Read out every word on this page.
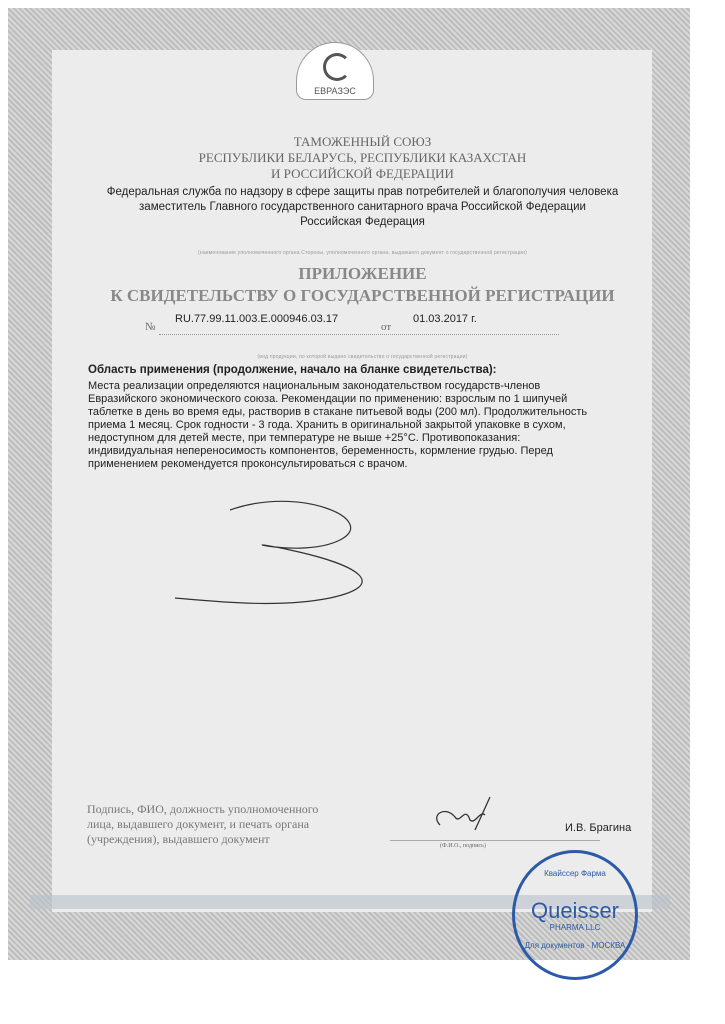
ЕВРАЗЭС
ТАМОЖЕННЫЙ СОЮЗ
РЕСПУБЛИКИ БЕЛАРУСЬ, РЕСПУБЛИКИ КАЗАХСТАН
И РОССИЙСКОЙ ФЕДЕРАЦИИ
Федеральная служба по надзору в сфере защиты прав потребителей и благополучия человека
заместитель Главного государственного санитарного врача Российской Федерации
Российская Федерация
(наименование уполномоченного органа Стороны, уполномоченного органа, выдавшего документ о государственной регистрации)
ПРИЛОЖЕНИЕ
К СВИДЕТЕЛЬСТВУ О ГОСУДАРСТВЕННОЙ РЕГИСТРАЦИИ
№
RU.77.99.11.003.E.000946.03.17
от
01.03.2017 г.
(вид продукции, по которой выдано свидетельство о государственной регистрации)
Область применения (продолжение, начало на бланке свидетельства):
Места реализации определяются национальным законодательством государств-членов
Евразийского экономического союза. Рекомендации по применению: взрослым по 1 шипучей
таблетке в день во время еды, растворив в стакане питьевой воды (200 мл). Продолжительность
приема 1 месяц. Срок годности - 3 года. Хранить в оригинальной закрытой упаковке в сухом,
недоступном для детей месте, при температуре не выше +25°С. Противопоказания:
индивидуальная непереносимость компонентов, беременность, кормление грудью. Перед
применением рекомендуется проконсультироваться с врачом.
Подпись, ФИО, должность уполномоченного
лица, выдавшего документ, и печать органа
(учреждения), выдавшего документ
И.В. Брагина
(Ф.И.О., подпись)
Квайссер Фарма
Queisser
PHARMA LLC
Для документов · МОСКВА
